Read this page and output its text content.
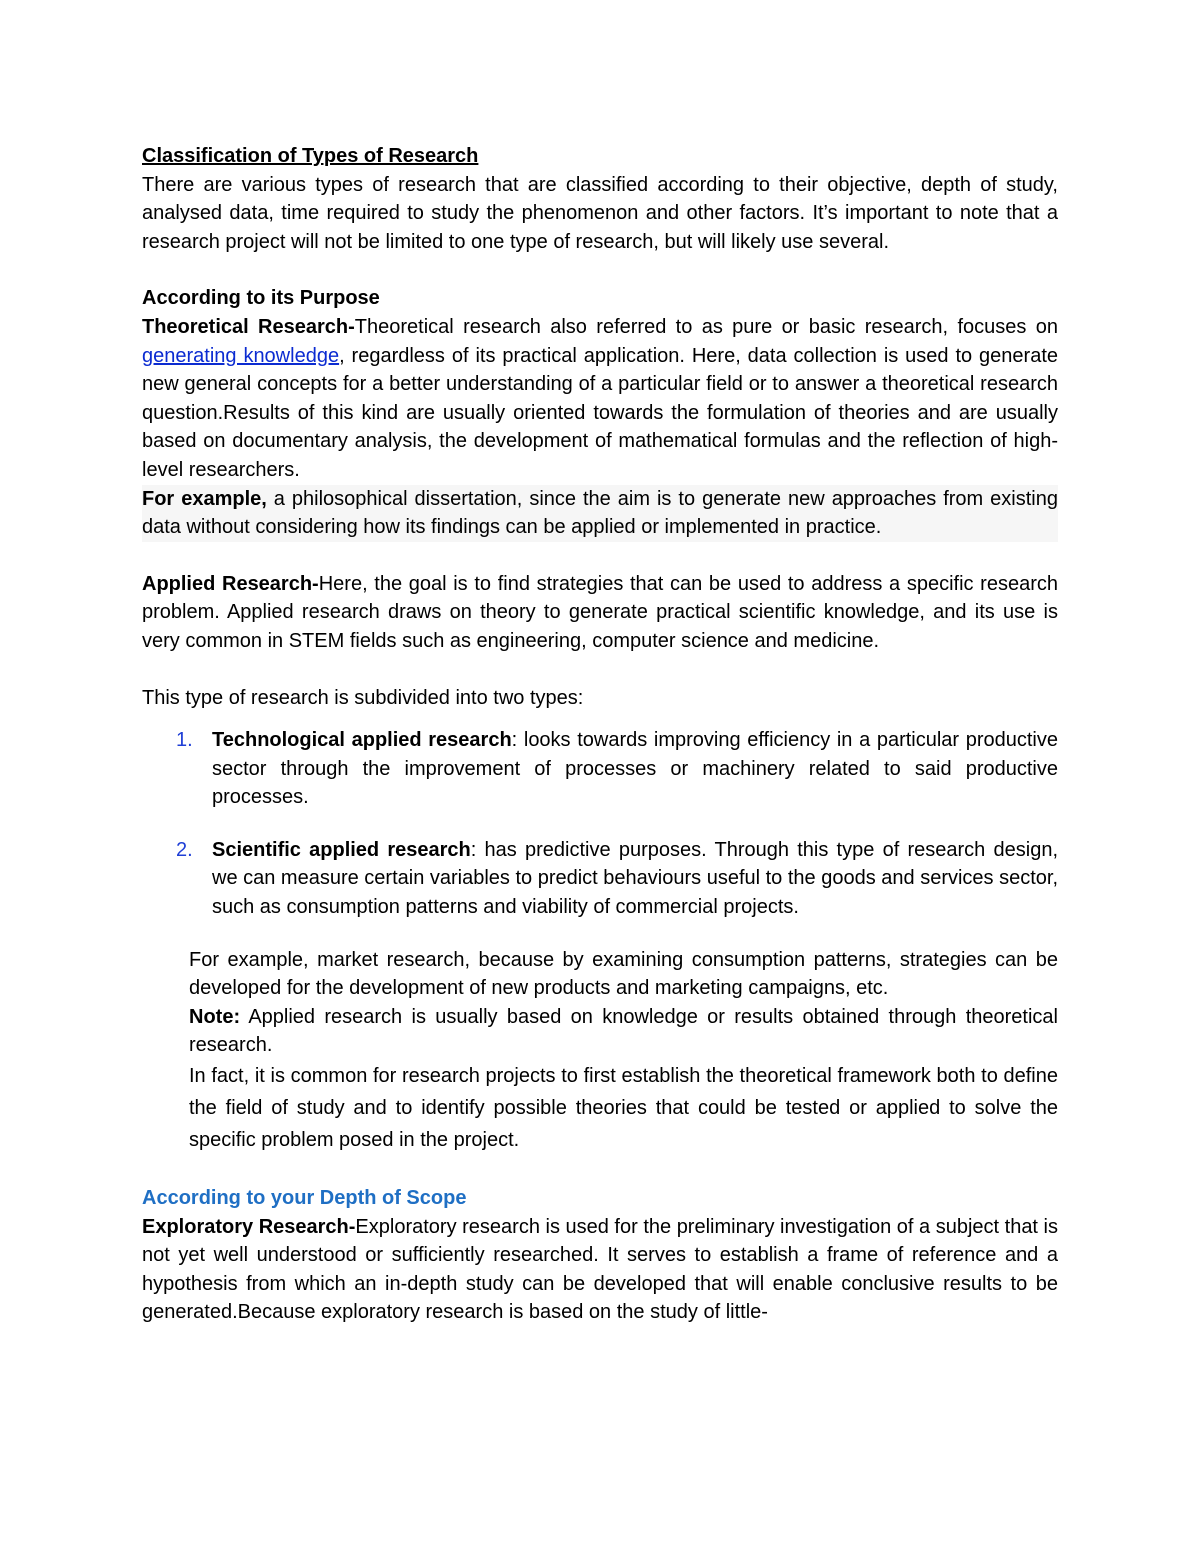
Classification of Types of Research

There are various types of research that are classified according to their objective, depth of study, analysed data, time required to study the phenomenon and other factors. It’s important to note that a research project will not be limited to one type of research, but will likely use several.

According to its Purpose

Theoretical Research-Theoretical research also referred to as pure or basic research, focuses on generating knowledge, regardless of its practical application. Here, data collection is used to generate new general concepts for a better understanding of a particular field or to answer a theoretical research question.Results of this kind are usually oriented towards the formulation of theories and are usually based on documentary analysis, the development of mathematical formulas and the reflection of high-level researchers.

For example, a philosophical dissertation, since the aim is to generate new approaches from existing data without considering how its findings can be applied or implemented in practice.

Applied Research-Here, the goal is to find strategies that can be used to address a specific research problem. Applied research draws on theory to generate practical scientific knowledge, and its use is very common in STEM fields such as engineering, computer science and medicine.

This type of research is subdivided into two types:

1. Technological applied research: looks towards improving efficiency in a particular productive sector through the improvement of processes or machinery related to said productive processes.
2. Scientific applied research: has predictive purposes. Through this type of research design, we can measure certain variables to predict behaviours useful to the goods and services sector, such as consumption patterns and viability of commercial projects.

For example, market research, because by examining consumption patterns, strategies can be developed for the development of new products and marketing campaigns, etc.

Note: Applied research is usually based on knowledge or results obtained through theoretical research.

In fact, it is common for research projects to first establish the theoretical framework both to define the field of study and to identify possible theories that could be tested or applied to solve the specific problem posed in the project.

According to your Depth of Scope

Exploratory Research-Exploratory research is used for the preliminary investigation of a subject that is not yet well understood or sufficiently researched. It serves to establish a frame of reference and a hypothesis from which an in-depth study can be developed that will enable conclusive results to be generated.Because exploratory research is based on the study of little-
